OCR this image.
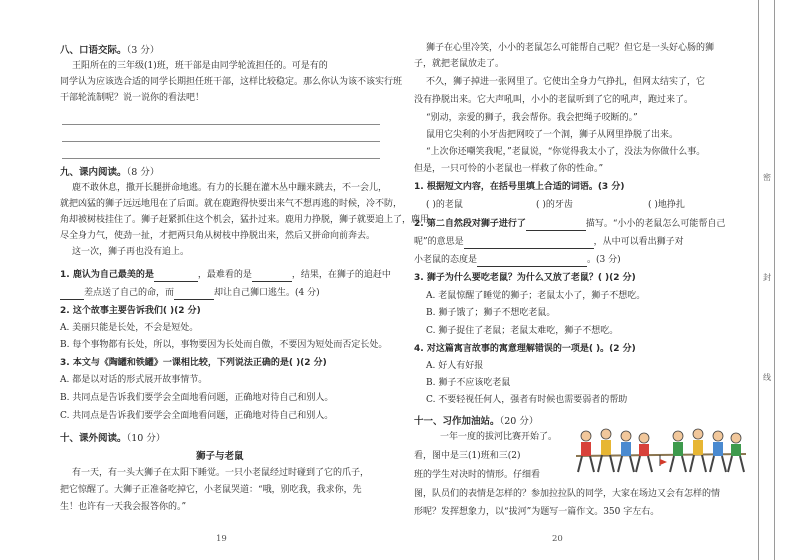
八、口语交际。（3 分）
王阳所在的三年级(1)班，班干部是由同学轮流担任的。可是有的
同学认为应该选合适的同学长期担任班干部，这样比较稳定。那么你认为该不该实行班
干部轮流制呢？说一说你的看法吧！
九、课内阅读。（8 分）
鹿不敢休息，撒开长腿拼命地逃。有力的长腿在灌木丛中蹦来跳去，不一会儿，
就把凶猛的狮子远远地甩在了后面。就在鹿跑得快要出来气不想再逃的时候，冷不防，
角却被树枝挂住了。狮子赶紧抓住这个机会，猛扑过来。鹿用力挣脱，狮子就要追上了，鹿用
尽全身力气，使劲一扯，才把两只角从树枝中挣脱出来，然后又拼命向前奔去。
这一次，狮子再也没有追上。
1. 鹿认为自己最美的是	，最难看的是	，结果，在狮子的追赶中
差点送了自己的命，而	却让自己狮口逃生。(4 分)
2. 这个故事主要告诉我们( )(2 分)
A. 美丽只能是长处，不会是短处。
B. 每个事物都有长处，所以，事物要因为长处而自傲，不要因为短处而否定长处。
3. 本文与《陶罐和铁罐》一课相比较，下列说法正确的是( )(2 分)
A. 都是以对话的形式展开故事情节。
B. 共同点是告诉我们要学会全面地看问题，正确地对待自己和别人。
C. 共同点是告诉我们要学会全面地看问题，正确地对待自己和别人。
十、课外阅读。（10 分）
狮子与老鼠
有一天，有一头大狮子在太阳下睡觉。一只小老鼠经过时碰到了它的爪子，
把它惊醒了。大狮子正准备吃掉它，小老鼠哭道：“哦，别吃我，我求你，先
生！也许有一天我会报答你的。”
19
狮子在心里冷笑，小小的老鼠怎么可能帮自己呢？但它是一头好心肠的狮
子，就把老鼠放走了。
不久，狮子掉进一张网里了。它使出全身力气挣扎，但网太结实了，它
没有挣脱出来。它大声吼叫，小小的老鼠听到了它的吼声，跑过来了。
“别动，亲爱的狮子，我会帮你。我会把绳子咬断的。”
鼠用它尖利的小牙齿把网咬了一个洞，狮子从网里挣脱了出来。
“上次你还嘲笑我呢，”老鼠说，“你觉得我太小了，没法为你做什么事。
但是，一只可怜的小老鼠也一样救了你的性命。”
1. 根据短文内容，在括号里填上合适的词语。(3 分)
( )的老鼠	( )的牙齿	( )地挣扎
2. 第二自然段对狮子进行了	描写。“小小的老鼠怎么可能帮自己
呢”的意思是	，从中可以看出狮子对
小老鼠的态度是	。(3 分)
3. 狮子为什么要吃老鼠？为什么又放了老鼠？( )(2 分)
A. 老鼠惊醒了睡觉的狮子；老鼠太小了，狮子不想吃。
B. 狮子饿了；狮子不想吃老鼠。
C. 狮子捉住了老鼠；老鼠太难吃，狮子不想吃。
4. 对这篇寓言故事的寓意理解错误的一项是( )。(2 分)
A. 好人有好报
B. 狮子不应该吃老鼠
C. 不要轻视任何人，强者有时候也需要弱者的帮助
十一、习作加油站。（20 分）
一年一度的拔河比赛开始了。
看，图中是三(1)班和三(2)
班的学生对决时的情形。仔细看
图，队员们的表情是怎样的？参加拉拉队的同学，大家在场边又会有怎样的情
形呢？发挥想象力，以“拔河”为题写一篇作文。350 字左右。
20
密
封
线
